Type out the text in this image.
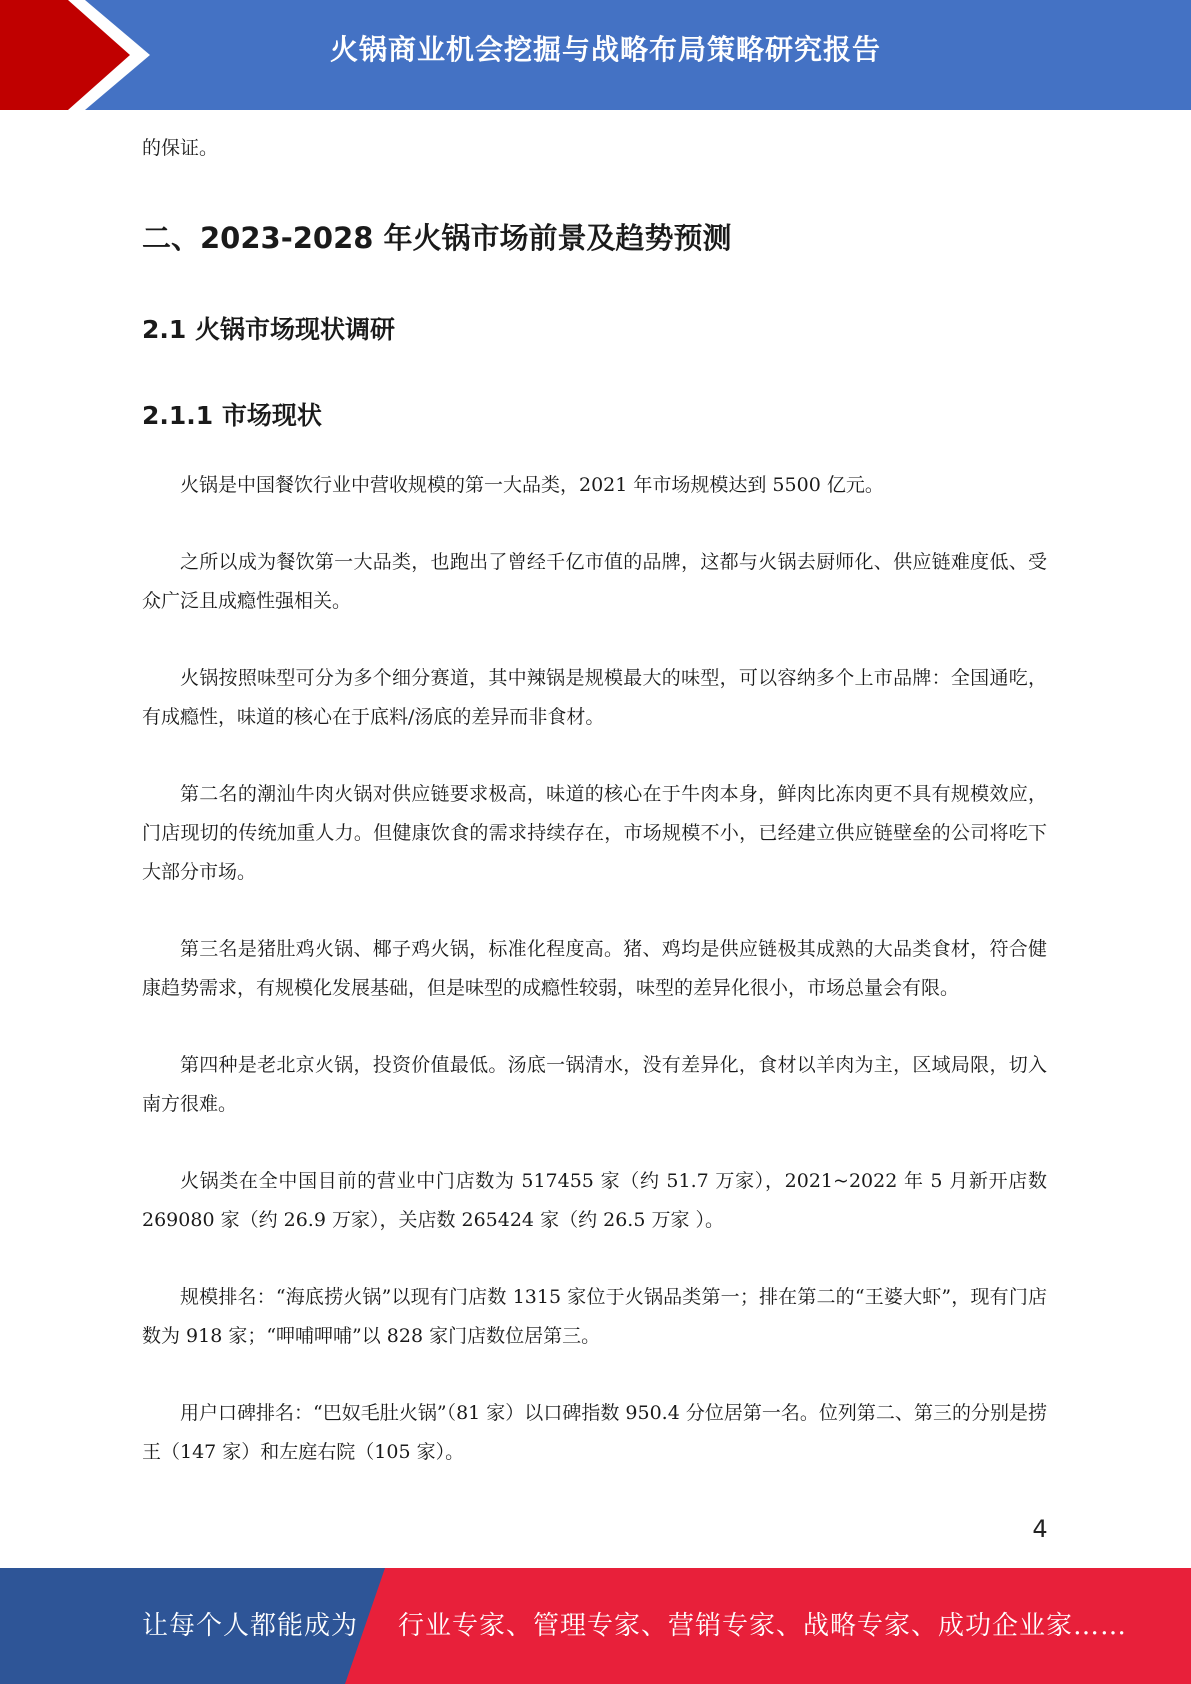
火锅商业机会挖掘与战略布局策略研究报告

的保证。

二、2023-2028 年火锅市场前景及趋势预测
2.1 火锅市场现状调研
2.1.1 市场现状

火锅是中国餐饮行业中营收规模的第一大品类，2021 年市场规模达到 5500 亿元。

之所以成为餐饮第一大品类，也跑出了曾经千亿市值的品牌，这都与火锅去厨师化、供应链难度低、受众广泛且成瘾性强相关。

火锅按照味型可分为多个细分赛道，其中辣锅是规模最大的味型，可以容纳多个上市品牌：全国通吃，有成瘾性，味道的核心在于底料/汤底的差异而非食材。

第二名的潮汕牛肉火锅对供应链要求极高，味道的核心在于牛肉本身，鲜肉比冻肉更不具有规模效应，门店现切的传统加重人力。但健康饮食的需求持续存在，市场规模不小，已经建立供应链壁垒的公司将吃下大部分市场。

第三名是猪肚鸡火锅、椰子鸡火锅，标准化程度高。猪、鸡均是供应链极其成熟的大品类食材，符合健康趋势需求，有规模化发展基础，但是味型的成瘾性较弱，味型的差异化很小，市场总量会有限。

第四种是老北京火锅，投资价值最低。汤底一锅清水，没有差异化，食材以羊肉为主，区域局限，切入南方很难。

火锅类在全中国目前的营业中门店数为 517455 家（约 51.7 万家），2021~2022 年 5 月新开店数 269080 家（约 26.9 万家），关店数 265424 家（约 26.5 万家 ）。

规模排名：“海底捞火锅”以现有门店数 1315 家位于火锅品类第一；排在第二的“王婆大虾”，现有门店数为 918 家；“呷哺呷哺”以 828 家门店数位居第三。

用户口碑排名：“巴奴毛肚火锅”（81 家）以口碑指数 950.4 分位居第一名。位列第二、第三的分别是捞王（147 家）和左庭右院（105 家）。

4
让每个人都能成为 行业专家、管理专家、营销专家、战略专家、成功企业家……
